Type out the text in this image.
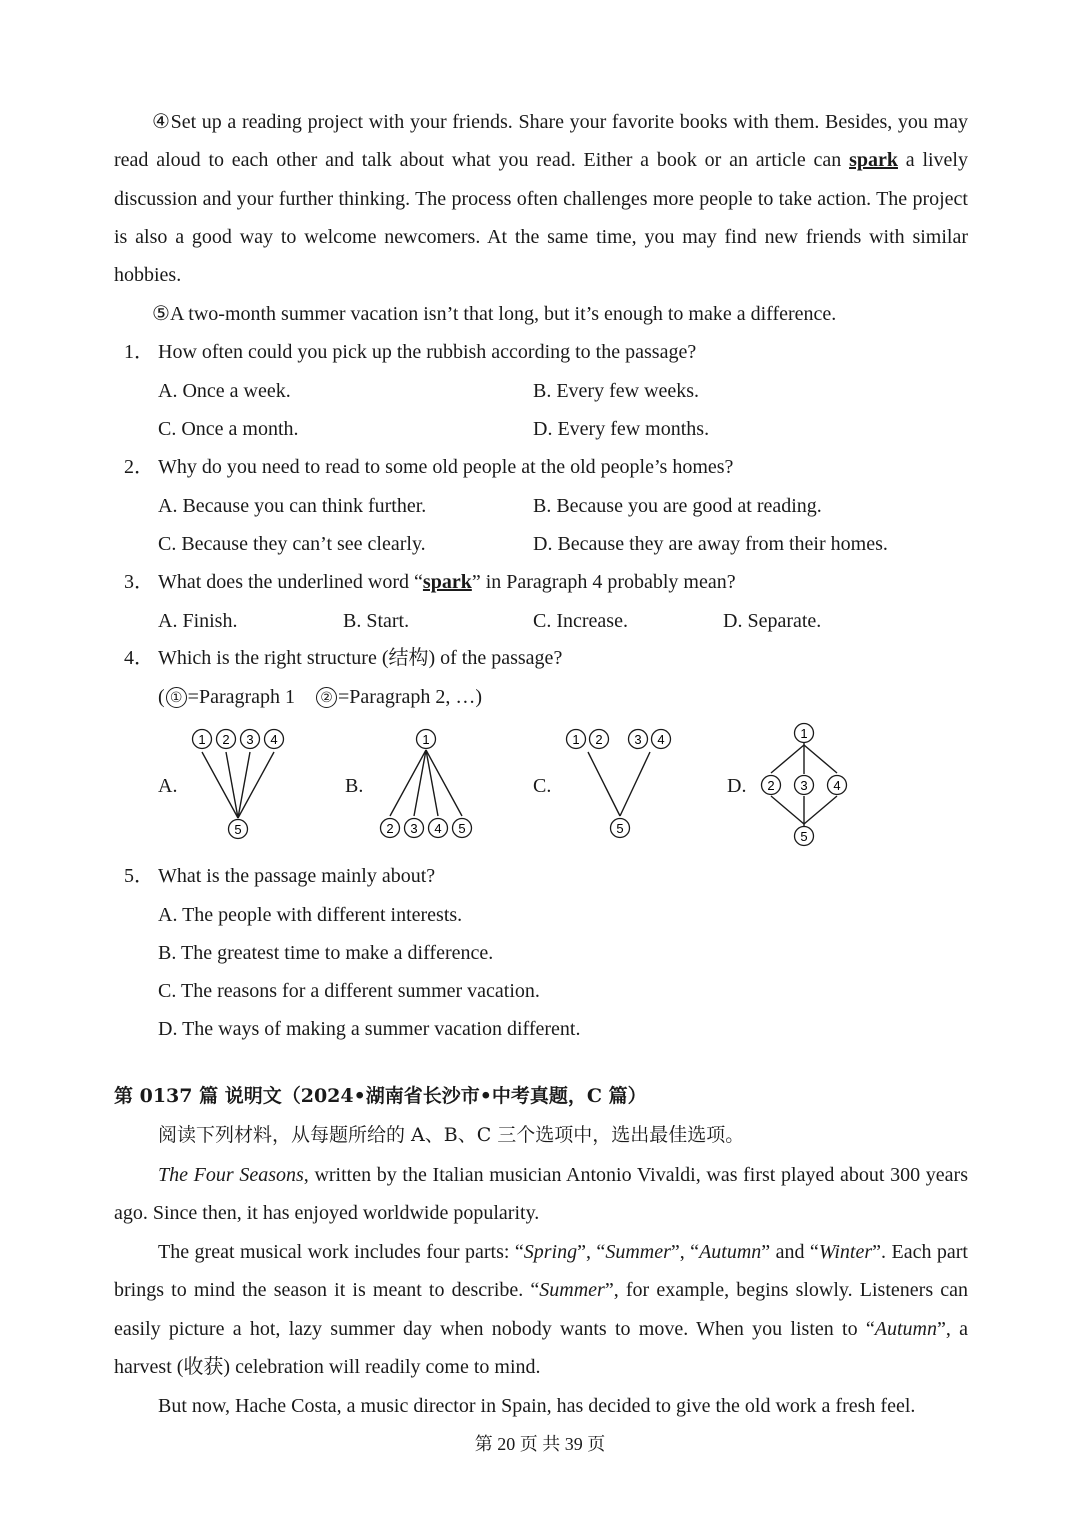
④Set up a reading project with your friends. Share your favorite books with them. Besides, you may read aloud to each other and talk about what you read. Either a book or an article can spark a lively discussion and your further thinking. The process often challenges more people to take action. The project is also a good way to welcome newcomers. At the same time, you may find new friends with similar hobbies.

⑤A two-month summer vacation isn’t that long, but it’s enough to make a difference.
1． How often could you pick up the rubbish according to the passage?
A. Once a week.	B. Every few weeks.
C. Once a month.	D. Every few months.
2． Why do you need to read to some old people at the old people’s homes?
A. Because you can think further.	B. Because you are good at reading.
C. Because they can’t see clearly.	D. Because they are away from their homes.
3． What does the underlined word “spark” in Paragraph 4 probably mean?
A. Finish.	B. Start.	C. Increase.	D. Separate.
4． Which is the right structure (结构) of the passage?
( ① =Paragraph 1 ② =Paragraph 2, …)
A.	B.	C.	D.
1 2 3 4
5
1
2 3 4 5
1 2 3 4
5
1
2 3 4
5
5． What is the passage mainly about?
A. The people with different interests.
B. The greatest time to make a difference.
C. The reasons for a different summer vacation.
D. The ways of making a summer vacation different.
第 0137 篇 说明文（2024•湖南省长沙市•中考真题，C 篇）
阅读下列材料，从每题所给的 A、B、C 三个选项中，选出最佳选项。

The Four Seasons, written by the Italian musician Antonio Vivaldi, was first played about 300 years ago. Since then, it has enjoyed worldwide popularity.

The great musical work includes four parts: “Spring”, “Summer”, “Autumn” and “Winter”. Each part brings to mind the season it is meant to describe. “Summer”, for example, begins slowly. Listeners can easily picture a hot, lazy summer day when nobody wants to move. When you listen to “Autumn”, a harvest (收获) celebration will readily come to mind.

But now, Hache Costa, a music director in Spain, has decided to give the old work a fresh feel.
第 20 页 共 39 页
